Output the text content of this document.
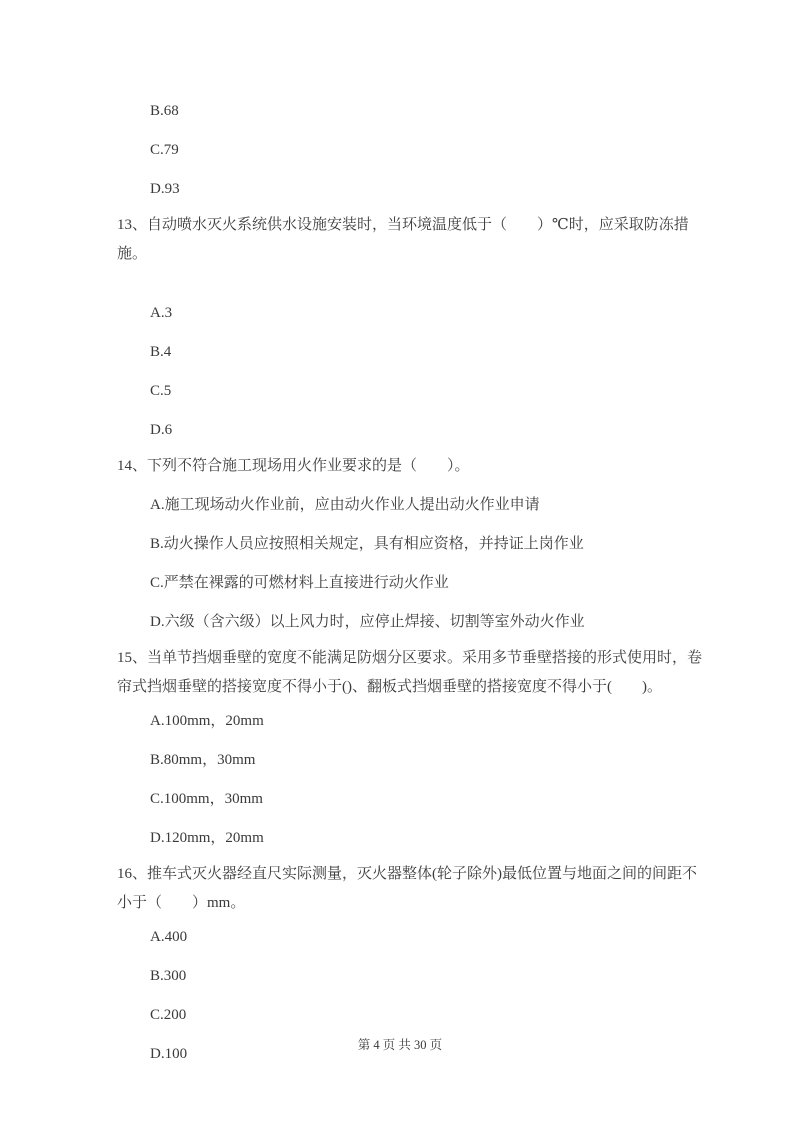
B.68

C.79

D.93

13、自动喷水灭火系统供水设施安装时，当环境温度低于（　　）℃时，应采取防冻措施。

A.3

B.4

C.5

D.6

14、下列不符合施工现场用火作业要求的是（　　）。

A.施工现场动火作业前，应由动火作业人提出动火作业申请

B.动火操作人员应按照相关规定，具有相应资格，并持证上岗作业

C.严禁在裸露的可燃材料上直接进行动火作业

D.六级（含六级）以上风力时，应停止焊接、切割等室外动火作业

15、当单节挡烟垂壁的宽度不能满足防烟分区要求。采用多节垂壁搭接的形式使用时，卷帘式挡烟垂壁的搭接宽度不得小于()、翻板式挡烟垂壁的搭接宽度不得小于(　　)。

A.100mm，20mm

B.80mm，30mm

C.100mm，30mm

D.120mm，20mm

16、推车式灭火器经直尺实际测量，灭火器整体(轮子除外)最低位置与地面之间的间距不小于（　　）mm。

A.400

B.300

C.200

D.100

第 4 页 共 30 页
